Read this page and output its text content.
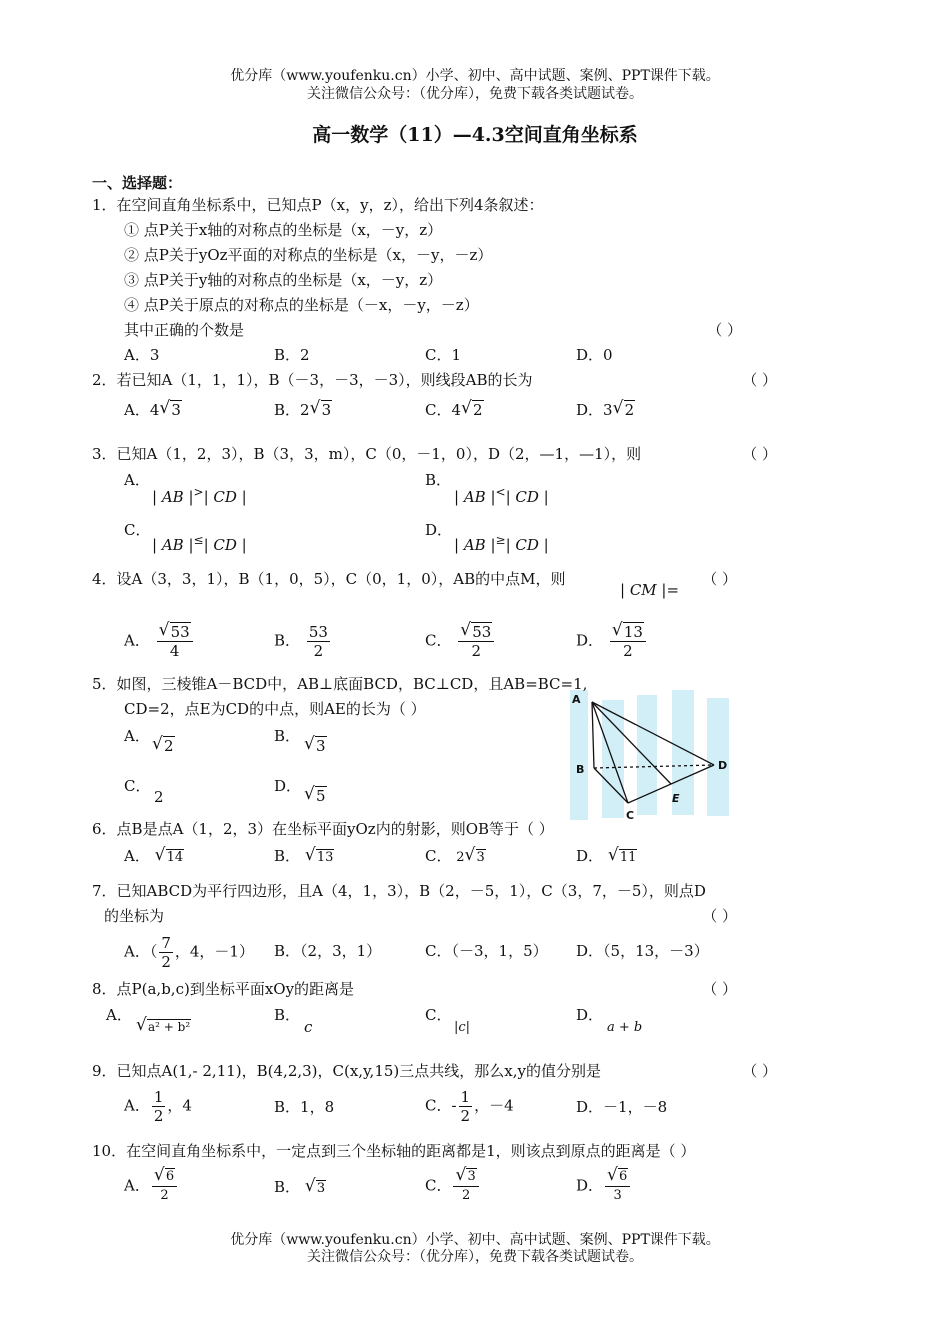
优分库（www.youfenku.cn）小学、初中、高中试题、案例、PPT课件下载。
关注微信公众号：（优分库），免费下载各类试题试卷。
高一数学（11）—4.3空间直角坐标系
一、选择题：
1．在空间直角坐标系中，已知点P（x，y，z），给出下列4条叙述：
① 点P关于x轴的对称点的坐标是（x，－y，z）
② 点P关于yOz平面的对称点的坐标是（x，－y，－z）
③ 点P关于y轴的对称点的坐标是（x，－y，z）
④ 点P关于原点的对称点的坐标是（－x，－y，－z）
其中正确的个数是	（ ）
A．3	B．2	C．1	D．0
2．若已知A（1，1，1），B（－3，－3，－3），则线段AB的长为	（ ）
A．4 √ 3	B．2 √ 3	C．4 √ 2	D．3 √ 2
3．已知A（1，2，3），B（3，3，m），C（0，－1，0），D（2，—1，—1），则	（ ）
A．
| AB |>| CD |
B．
| AB |<| CD |
C．
| AB |≤| CD |
D．
| AB |≥| CD |
4．设A（3，3，1），B（1，0，5），C（0，1，0），AB的中点M，则
| CM |=
（ ）
A． √ $\frac{53}{4}$	B． $\frac{53}{2}$	C． √ $\frac{53}{2}$	D． √ $\frac{13}{2}$
5．如图，三棱锥A－BCD中，AB⊥底面BCD，BC⊥CD，且AB=BC=1,
CD=2，点E为CD的中点，则AE的长为（ ）
A．
√ 2
B．
√ 3
C．
2
D．
√ 5
A
B
C
D
E
6．点B是点A（1，2，3）在坐标平面yOz内的射影，则OB等于（ ）
A． √ 14	B． √ 13	C． 2 √ 3	D． √ 11
7．已知ABCD为平行四边形，且A（4，1，3），B（2，－5，1），C（3，7，－5），则点D
的坐标为	（ ）
A．（ $\frac{7}{2}$ ，4，－1） B．（2，3，1）	C．（－3，1，5） D．（5，13，－3）
8．点P(a,b,c)到坐标平面xOy的距离是	（ ）
A．
√ a² + b²
B．
c
C．
|c|
D．
a + b
9．已知点A(1,- 2,11)，B(4,2,3)，C(x,y,15)三点共线，那么x,y的值分别是	（ ）
A． $\frac{1}{2}$ ，4	B．1，8	C．- $\frac{1}{2}$ ，－4	D．－1，－8
10．在空间直角坐标系中，一定点到三个坐标轴的距离都是1，则该点到原点的距离是（ ）
A． √ $\frac{6}{2}$	B． √ 3	C． √ $\frac{3}{2}$	D． √ $\frac{6}{3}$
优分库（www.youfenku.cn）小学、初中、高中试题、案例、PPT课件下载。
关注微信公众号：（优分库），免费下载各类试题试卷。
